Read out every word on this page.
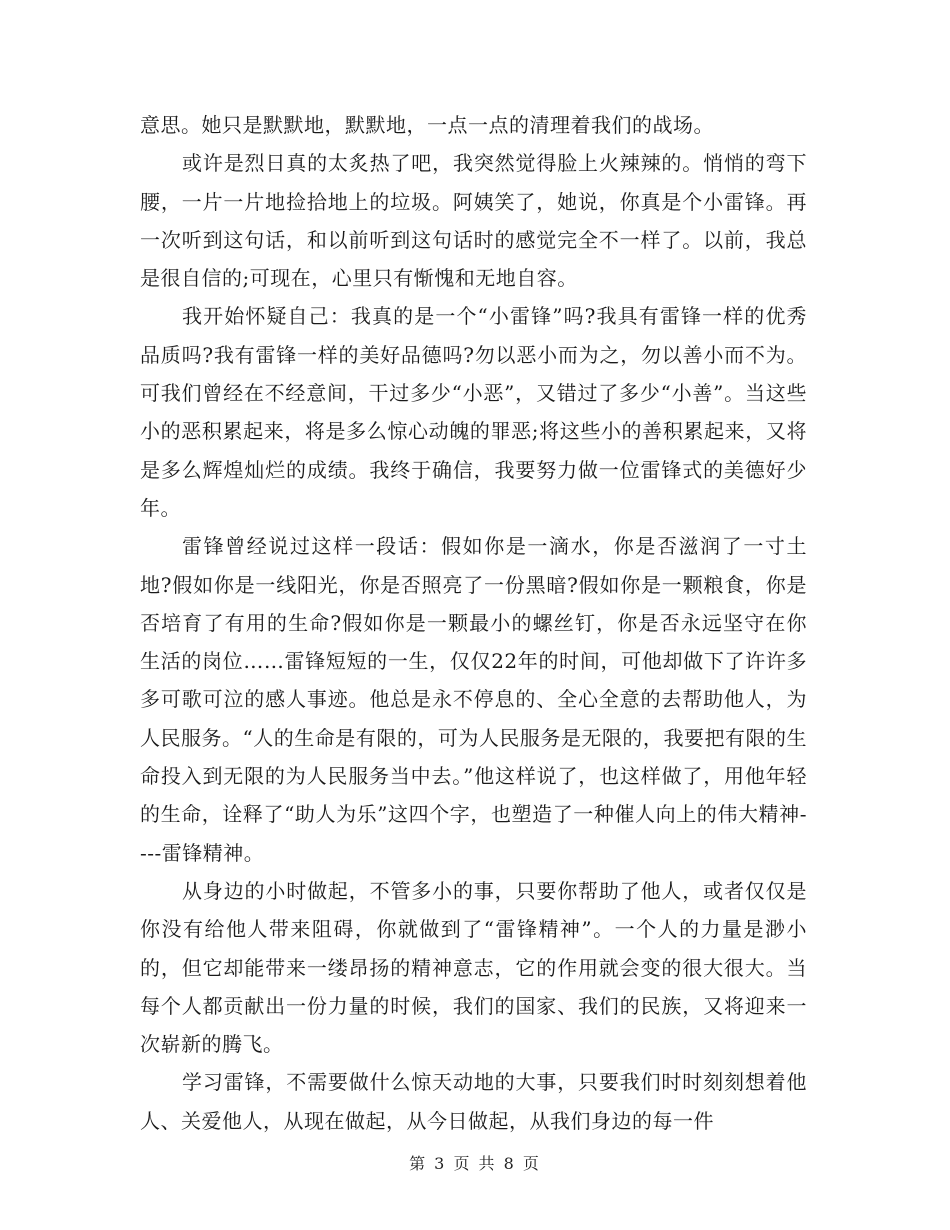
意思。她只是默默地，默默地，一点一点的清理着我们的战场。

或许是烈日真的太炙热了吧，我突然觉得脸上火辣辣的。悄悄的弯下腰，一片一片地捡拾地上的垃圾。阿姨笑了，她说，你真是个小雷锋。再一次听到这句话，和以前听到这句话时的感觉完全不一样了。以前，我总是很自信的;可现在，心里只有惭愧和无地自容。

我开始怀疑自己：我真的是一个“小雷锋”吗?我具有雷锋一样的优秀品质吗?我有雷锋一样的美好品德吗?勿以恶小而为之，勿以善小而不为。可我们曾经在不经意间，干过多少“小恶”，又错过了多少“小善”。当这些小的恶积累起来，将是多么惊心动魄的罪恶;将这些小的善积累起来，又将是多么辉煌灿烂的成绩。我终于确信，我要努力做一位雷锋式的美德好少年。

雷锋曾经说过这样一段话：假如你是一滴水，你是否滋润了一寸土地?假如你是一线阳光，你是否照亮了一份黑暗?假如你是一颗粮食，你是否培育了有用的生命?假如你是一颗最小的螺丝钉，你是否永远坚守在你生活的岗位……雷锋短短的一生，仅仅22年的时间，可他却做下了许许多多可歌可泣的感人事迹。他总是永不停息的、全心全意的去帮助他人，为人民服务。“人的生命是有限的，可为人民服务是无限的，我要把有限的生命投入到无限的为人民服务当中去。”他这样说了，也这样做了，用他年轻的生命，诠释了“助人为乐”这四个字，也塑造了一种催人向上的伟大精神----雷锋精神。

从身边的小时做起，不管多小的事，只要你帮助了他人，或者仅仅是你没有给他人带来阻碍，你就做到了“雷锋精神”。一个人的力量是渺小的，但它却能带来一缕昂扬的精神意志，它的作用就会变的很大很大。当每个人都贡献出一份力量的时候，我们的国家、我们的民族，又将迎来一次崭新的腾飞。

学习雷锋，不需要做什么惊天动地的大事，只要我们时时刻刻想着他人、关爱他人，从现在做起，从今日做起，从我们身边的每一件

第 3 页 共 8 页
